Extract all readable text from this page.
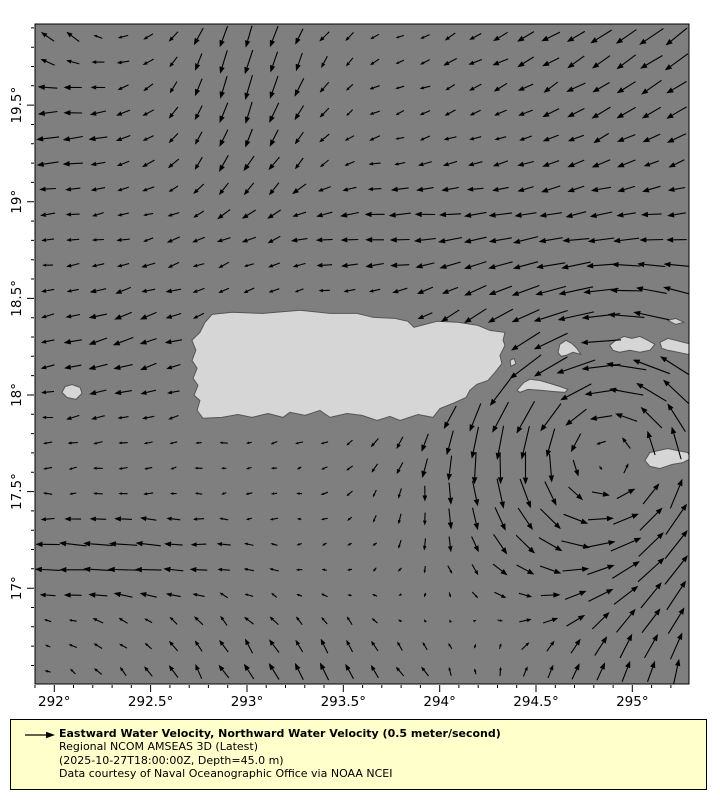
292°	292.5°	293°	293.5°	294°	294.5°	295°
17°
17.5°
18°
18.5°
19°
19.5°
Eastward Water Velocity, Northward Water Velocity (0.5 meter/second)
Regional NCOM AMSEAS 3D (Latest)
(2025-10-27T18:00:00Z, Depth=45.0 m)
Data courtesy of Naval Oceanographic Office via NOAA NCEI
